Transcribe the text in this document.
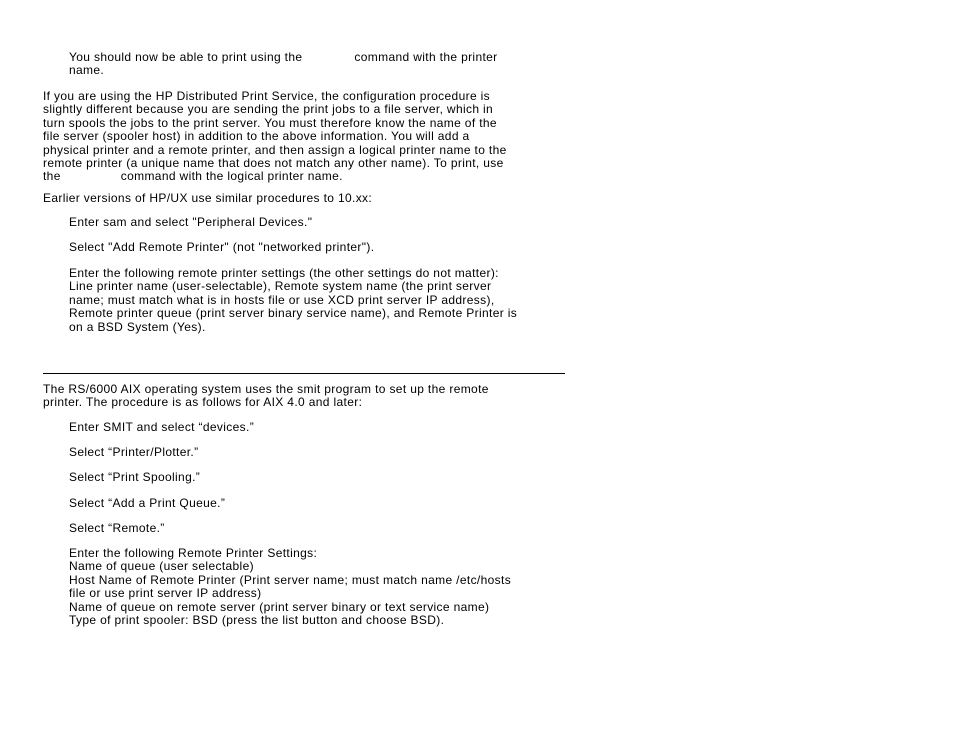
You should now be able to print using the	command with the printer

name.

If you are using the HP Distributed Print Service, the configuration procedure is

slightly different because you are sending the print jobs to a file server, which in

turn spools the jobs to the print server. You must therefore know the name of the

file server (spooler host) in addition to the above information. You will add a

physical printer and a remote printer, and then assign a logical printer name to the

remote printer (a unique name that does not match any other name). To print, use

the	command with the logical printer name.

Earlier versions of HP/UX use similar procedures to 10.xx:

Enter sam and select "Peripheral Devices."

Select "Add Remote Printer" (not "networked printer").

Enter the following remote printer settings (the other settings do not matter):

Line printer name (user-selectable), Remote system name (the print server

name; must match what is in hosts file or use XCD print server IP address),

Remote printer queue (print server binary service name), and Remote Printer is

on a BSD System (Yes).

The RS/6000 AIX operating system uses the smit program to set up the remote

printer. The procedure is as follows for AIX 4.0 and later:

Enter SMIT and select “devices.”

Select “Printer/Plotter.”

Select “Print Spooling.”

Select “Add a Print Queue.”

Select “Remote.”

Enter the following Remote Printer Settings:

Name of queue (user selectable)

Host Name of Remote Printer (Print server name; must match name /etc/hosts

file or use print server IP address)

Name of queue on remote server (print server binary or text service name)

Type of print spooler: BSD (press the list button and choose BSD).
